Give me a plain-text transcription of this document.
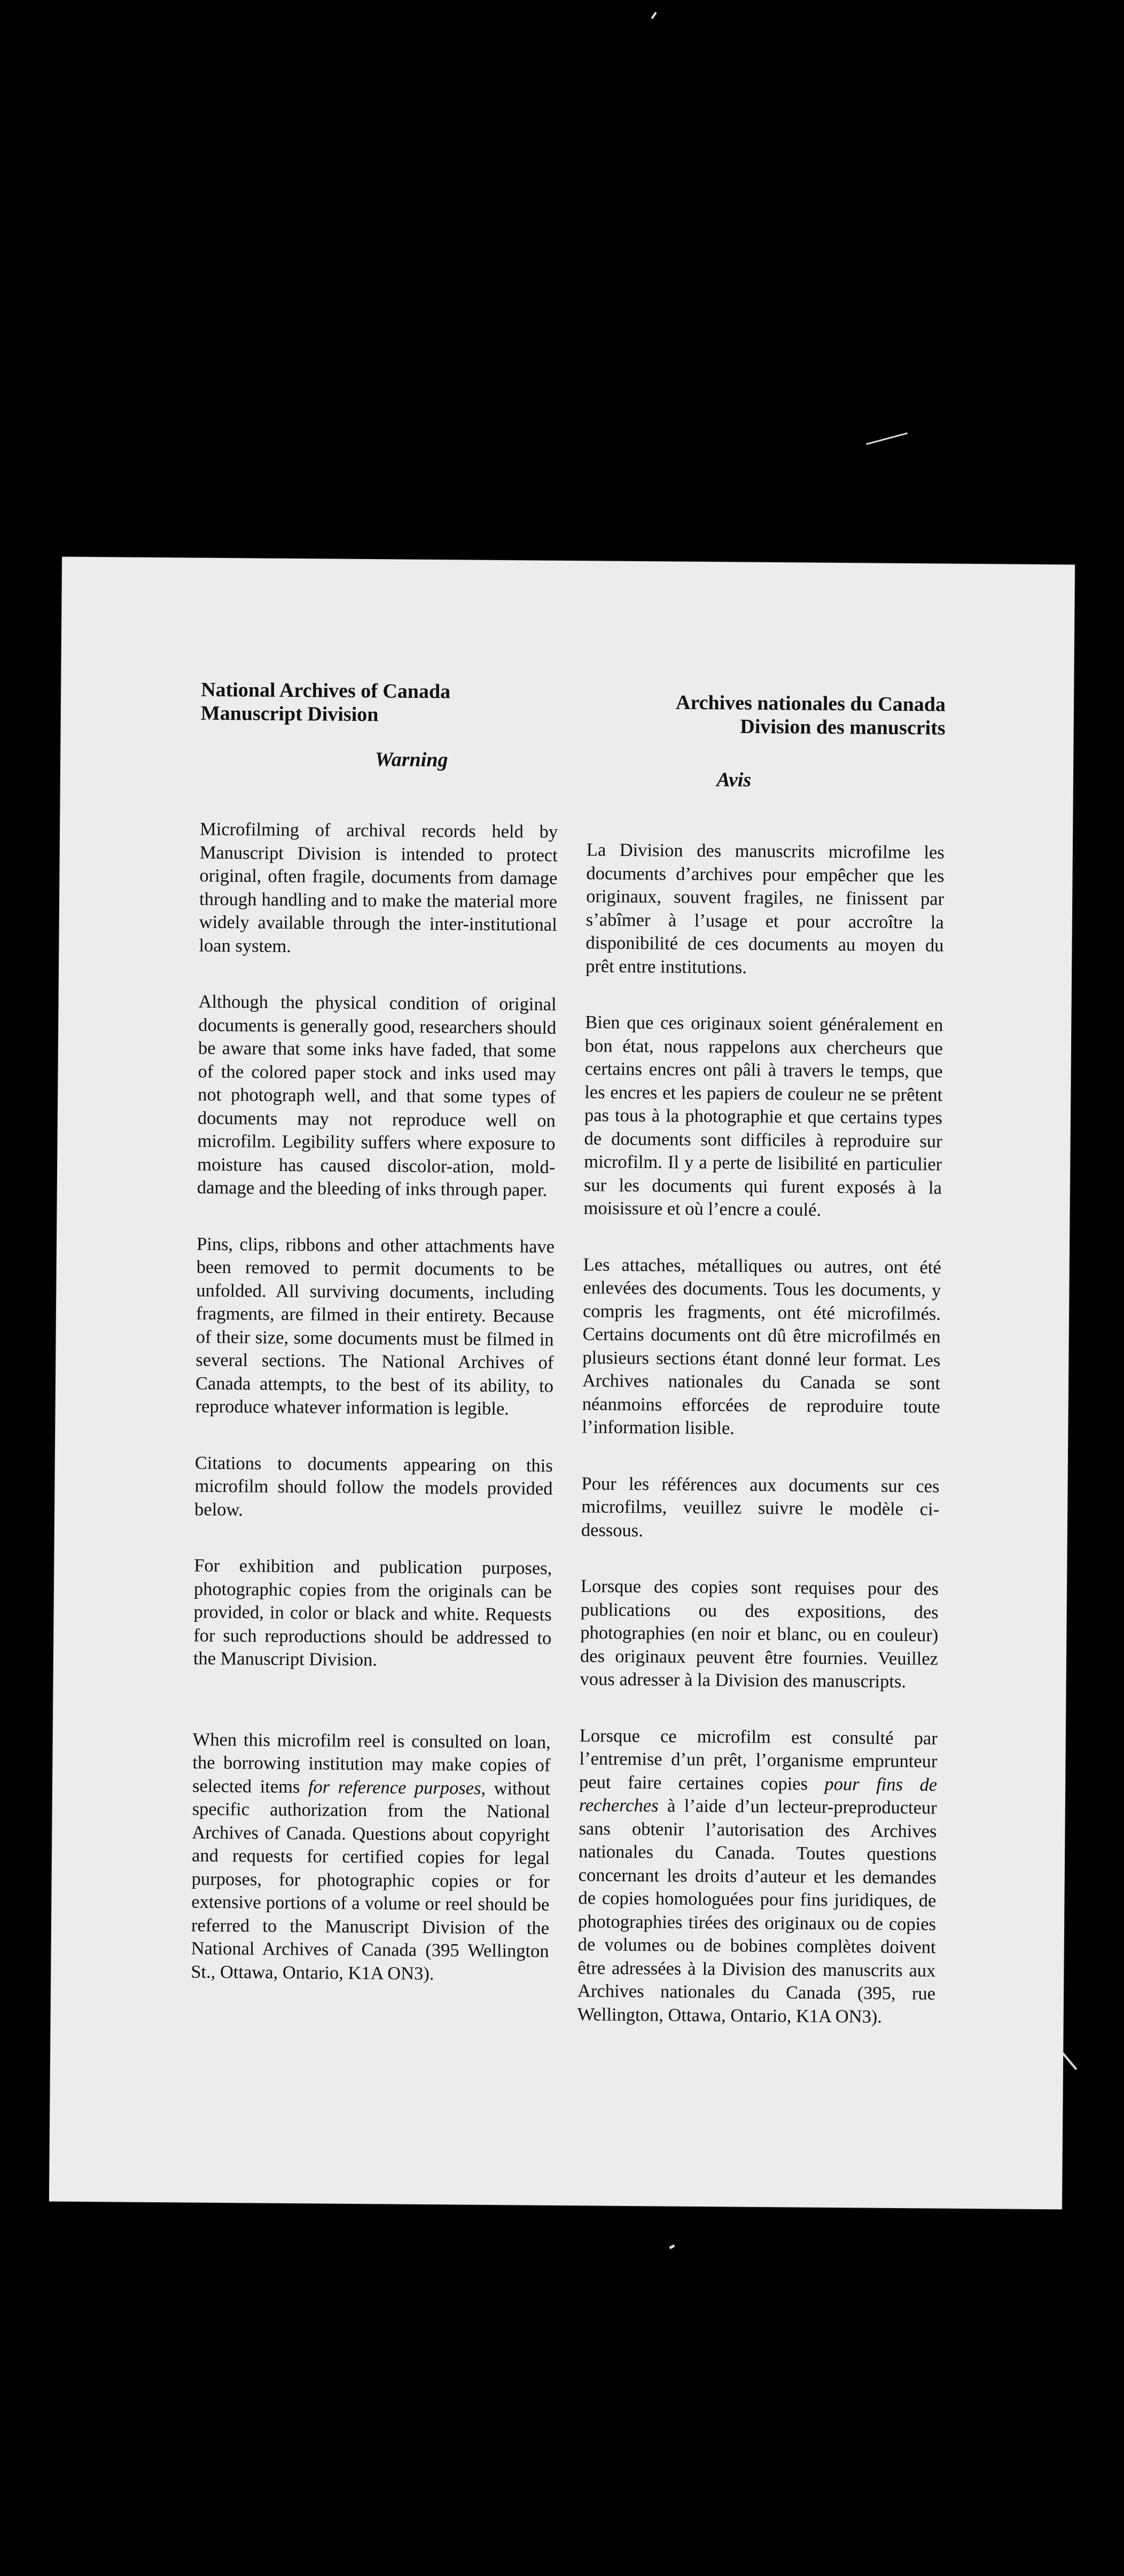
National Archives of Canada

Manuscript Division

Warning

Microfilming of archival records held by Manuscript Division is intended to protect original, often fragile, documents from damage through handling and to make the material more widely available through the inter-institutional loan system.

Although the physical condition of original documents is generally good, researchers should be aware that some inks have faded, that some of the colored paper stock and inks used may not photograph well, and that some types of documents may not reproduce well on microfilm. Legibility suffers where exposure to moisture has caused discolor-ation, mold-damage and the bleeding of inks through paper.

Pins, clips, ribbons and other attachments have been removed to permit documents to be unfolded. All surviving documents, including fragments, are filmed in their entirety. Because of their size, some documents must be filmed in several sections. The National Archives of Canada attempts, to the best of its ability, to reproduce whatever information is legible.

Citations to documents appearing on this microfilm should follow the models provided below.

For exhibition and publication purposes, photographic copies from the originals can be provided, in color or black and white. Requests for such reproductions should be addressed to the Manuscript Division.

When this microfilm reel is consulted on loan, the borrowing institution may make copies of selected items for reference purposes, without specific authorization from the National Archives of Canada. Questions about copyright and requests for certified copies for legal purposes, for photographic copies or for extensive portions of a volume or reel should be referred to the Manuscript Division of the National Archives of Canada (395 Wellington St., Ottawa, Ontario, K1A ON3).

Archives nationales du Canada

Division des manuscrits

Avis

La Division des manuscrits microfilme les documents d’archives pour empêcher que les originaux, souvent fragiles, ne finissent par s’abîmer à l’usage et pour accroître la disponibilité de ces documents au moyen du prêt entre institutions.

Bien que ces originaux soient généralement en bon état, nous rappelons aux chercheurs que certains encres ont pâli à travers le temps, que les encres et les papiers de couleur ne se prêtent pas tous à la photographie et que certains types de documents sont difficiles à reproduire sur microfilm. Il y a perte de lisibilité en particulier sur les documents qui furent exposés à la moisissure et où l’encre a coulé.

Les attaches, métalliques ou autres, ont été enlevées des documents. Tous les documents, y compris les fragments, ont été microfilmés. Certains documents ont dû être microfilmés en plusieurs sections étant donné leur format. Les Archives nationales du Canada se sont néanmoins efforcées de reproduire toute l’information lisible.

Pour les références aux documents sur ces microfilms, veuillez suivre le modèle ci-dessous.

Lorsque des copies sont requises pour des publications ou des expositions, des photographies (en noir et blanc, ou en couleur) des originaux peuvent être fournies. Veuillez vous adresser à la Division des manuscripts.

Lorsque ce microfilm est consulté par l’entremise d’un prêt, l’organisme emprunteur peut faire certaines copies pour fins de recherches à l’aide d’un lecteur-preproducteur sans obtenir l’autorisation des Archives nationales du Canada. Toutes questions concernant les droits d’auteur et les demandes de copies homologuées pour fins juridiques, de photographies tirées des originaux ou de copies de volumes ou de bobines complètes doivent être adressées à la Division des manuscrits aux Archives nationales du Canada (395, rue Wellington, Ottawa, Ontario, K1A ON3).
